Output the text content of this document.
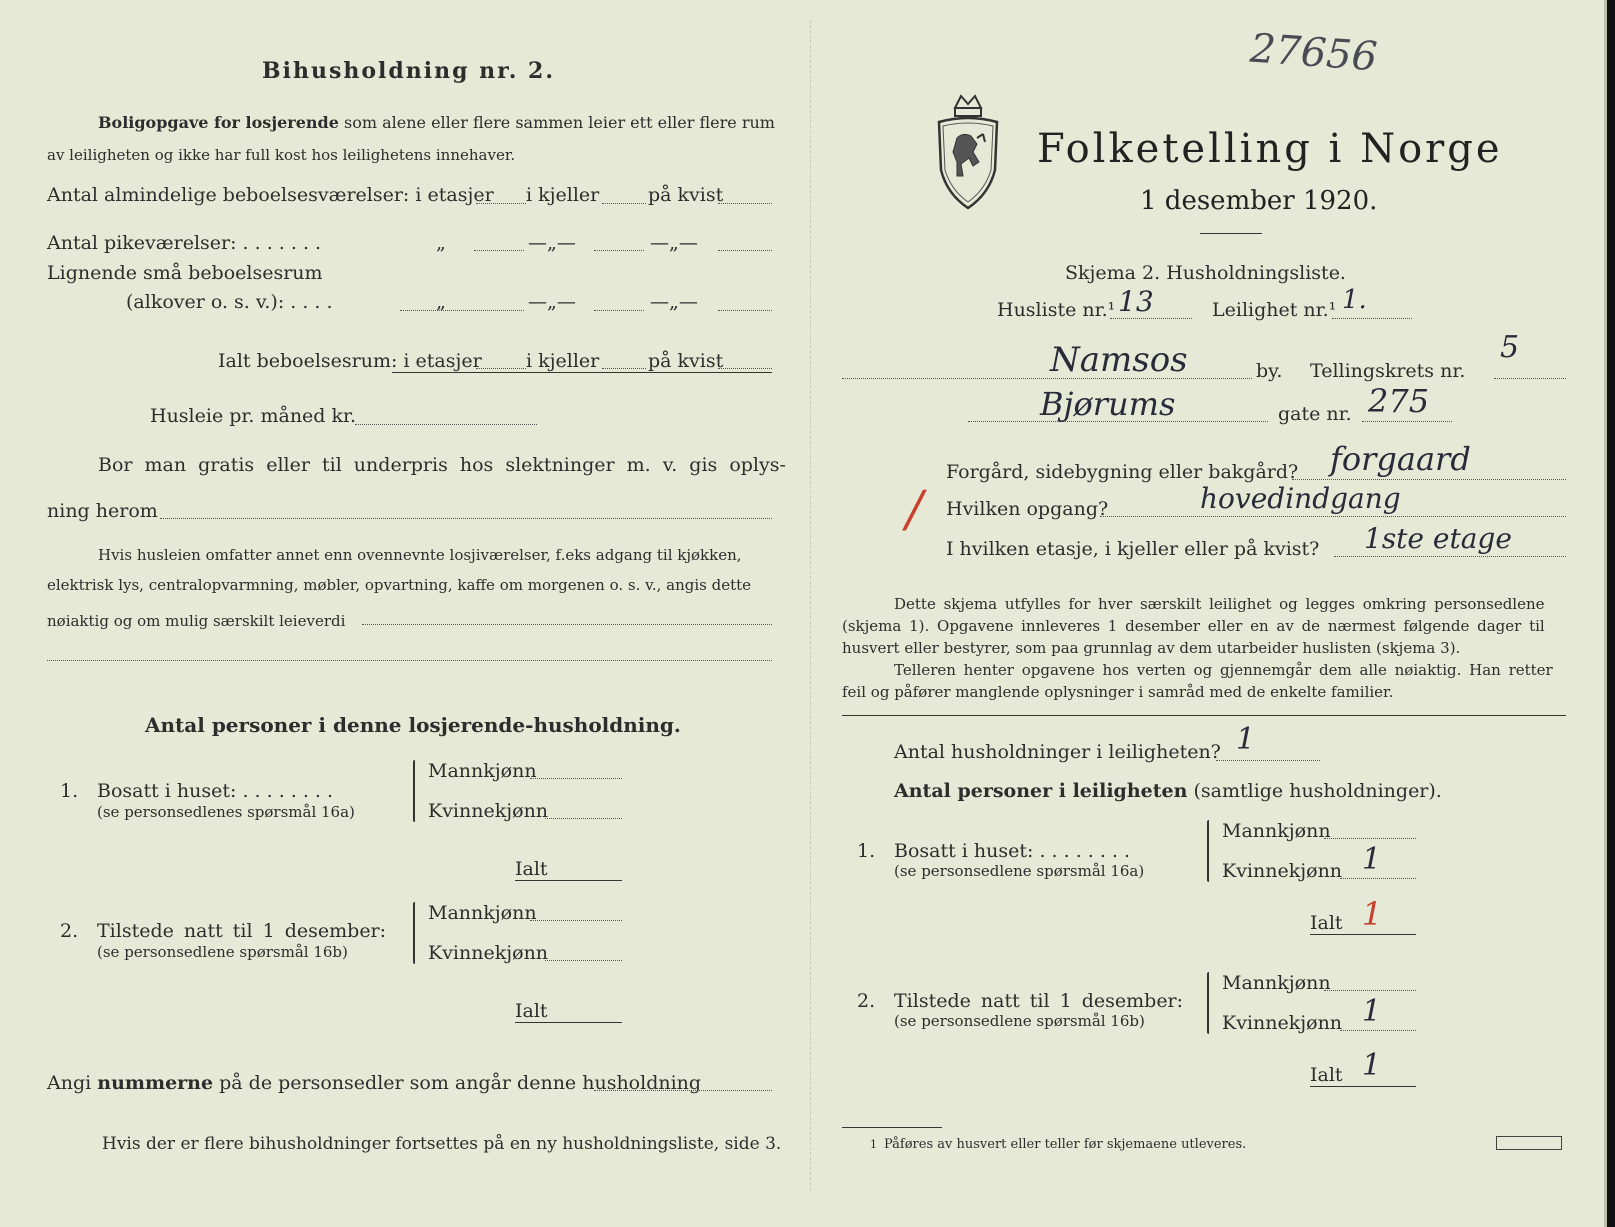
Bihusholdning nr. 2.
Boligopgave for losjerende som alene eller flere sammen leier ett eller flere rum
av leiligheten og ikke har full kost hos leilighetens innehaver.
Antal almindelige beboelsesværelser: i etasjer i kjeller	på kvist
Antal pikeværelser: . . . . . . .	„	—„—	—„—
Lignende små beboelsesrum
(alkover o. s. v.): . . . .	„	—„—	—„—
Ialt beboelsesrum: i etasjer i kjeller	på kvist
Husleie pr. måned kr.
Bor man gratis eller til underpris hos slektninger m. v. gis oplys-
ning herom
Hvis husleien omfatter annet enn ovennevnte losjiværelser, f.eks adgang til kjøkken,
elektrisk lys, centralopvarmning, møbler, opvartning, kaffe om morgenen o. s. v., angis dette
nøiaktig og om mulig særskilt leieverdi
Antal personer i denne losjerende-husholdning.
1. Bosatt i huset: . . . . . . . .
(se personsedlenes spørsmål 16a)
Mannkjønn
Kvinnekjønn
Ialt
2. Tilstede natt til 1 desember:
(se personsedlene spørsmål 16b)
Mannkjønn
Kvinnekjønn
Ialt
Angi nummerne på de personsedler som angår denne husholdning
Hvis der er flere bihusholdninger fortsettes på en ny husholdningsliste, side 3.
27656
Folketelling i Norge
1 desember 1920.
Skjema 2. Husholdningsliste.
Husliste nr.¹ 13	Leilighet nr.¹ 1.
Namsos	by. Tellingskrets nr.
5
Bjørums	gate nr. 275
Forgård, sidebygning eller bakgård? forgaard
/ Hvilken opgang?	hovedindgang
I hvilken etasje, i kjeller eller på kvist? 1ste etage
Dette skjema utfylles for hver særskilt leilighet og legges omkring personsedlene
(skjema 1). Opgavene innleveres 1 desember eller en av de nærmest følgende dager til
husvert eller bestyrer, som paa grunnlag av dem utarbeider huslisten (skjema 3).
Telleren henter opgavene hos verten og gjennemgår dem alle nøiaktig. Han retter
feil og påfører manglende oplysninger i samråd med de enkelte familier.
Antal husholdninger i leiligheten? 1
Antal personer i leiligheten (samtlige husholdninger).
1. Bosatt i huset: . . . . . . . .
(se personsedlene spørsmål 16a)
Mannkjønn
Kvinnekjønn 1
Ialt 1
2. Tilstede natt til 1 desember:
(se personsedlene spørsmål 16b)
Mannkjønn
Kvinnekjønn 1
Ialt 1
1 Påføres av husvert eller teller før skjemaene utleveres.
